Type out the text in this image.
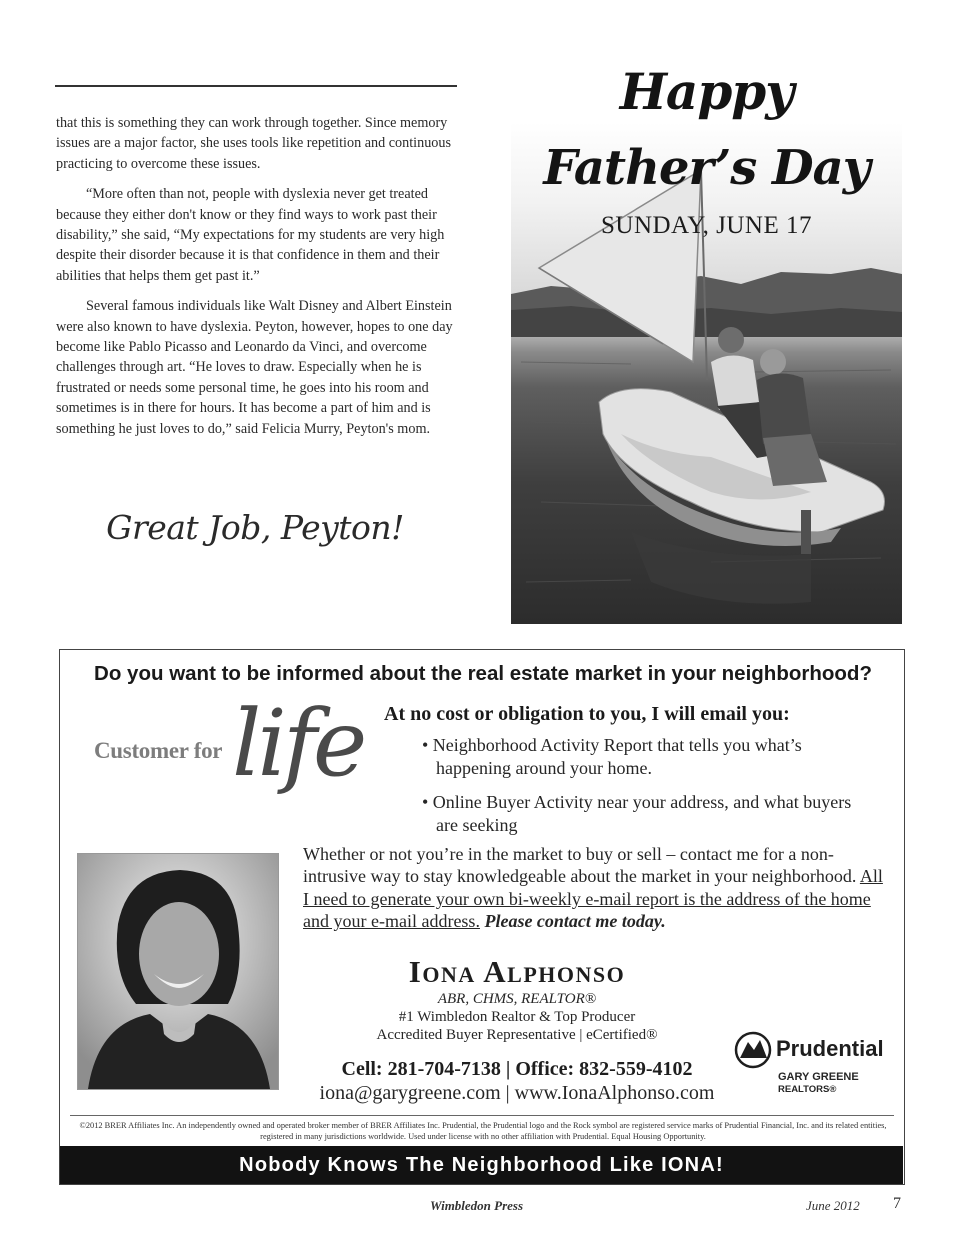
that this is something they can work through together. Since memory issues are a major factor, she uses tools like repetition and continuous practicing to overcome these issues.

“More often than not, people with dyslexia never get treated because they either don't know or they find ways to work past their disability,” she said, “My expectations for my students are very high despite their disorder because it is that confidence in them and their abilities that helps them get past it.”

Several famous individuals like Walt Disney and Albert Einstein were also known to have dyslexia. Peyton, however, hopes to one day become like Pablo Picasso and Leonardo da Vinci, and overcome challenges through art. “He loves to draw. Especially when he is frustrated or needs some personal time, he goes into his room and sometimes is in there for hours. It has become a part of him and is something he just loves to do,” said Felicia Murry, Peyton's mom.

Great Job, Peyton!
Happy
Father’s Day
SUNDAY, JUNE 17
Do you want to be informed about the real estate market in your neighborhood?
At no cost or obligation to you, I will email you:
• Neighborhood Activity Report that tells you what’s happening around your home.
• Online Buyer Activity near your address, and what buyers are seeking
Customer for life
Whether or not you’re in the market to buy or sell – contact me for a non-intrusive way to stay knowledgeable about the market in your neighborhood. All I need to generate your own bi-weekly e-mail report is the address of the home and your e-mail address. Please contact me today.
Iona Alphonso
ABR, CHMS, REALTOR®
#1 Wimbledon Realtor & Top Producer
Accredited Buyer Representative | eCertified®
Cell: 281-704-7138 | Office: 832-559-4102
iona@garygreene.com | www.IonaAlphonso.com
Prudential
GARY GREENE
REALTORS®
©2012 BRER Affiliates Inc. An independently owned and operated broker member of BRER Affiliates Inc. Prudential, the Prudential logo and the Rock symbol are registered service marks of Prudential Financial, Inc. and its related entities, registered in many jurisdictions worldwide. Used under license with no other affiliation with Prudential. Equal Housing Opportunity.
Nobody Knows The Neighborhood Like IONA!
Wimbledon Press	June 2012 7
